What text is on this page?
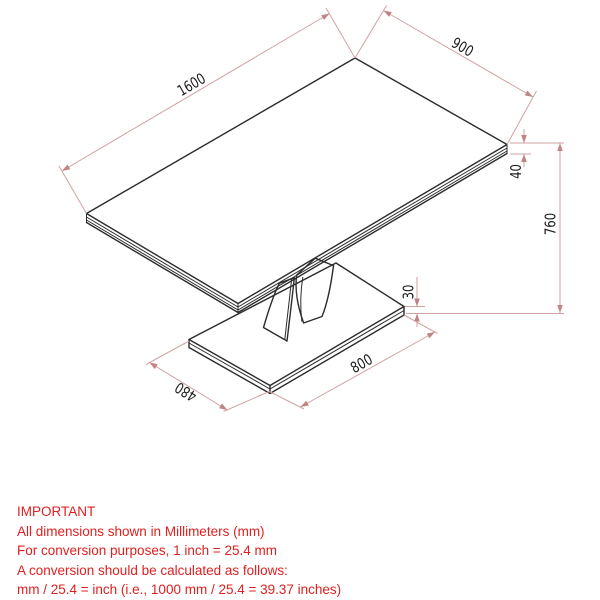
1600
900
40
760
30
800
480
IMPORTANT
All dimensions shown in Millimeters (mm)
For conversion purposes, 1 inch = 25.4 mm
A conversion should be calculated as follows:
mm / 25.4 = inch (i.e., 1000 mm / 25.4 = 39.37 inches)
